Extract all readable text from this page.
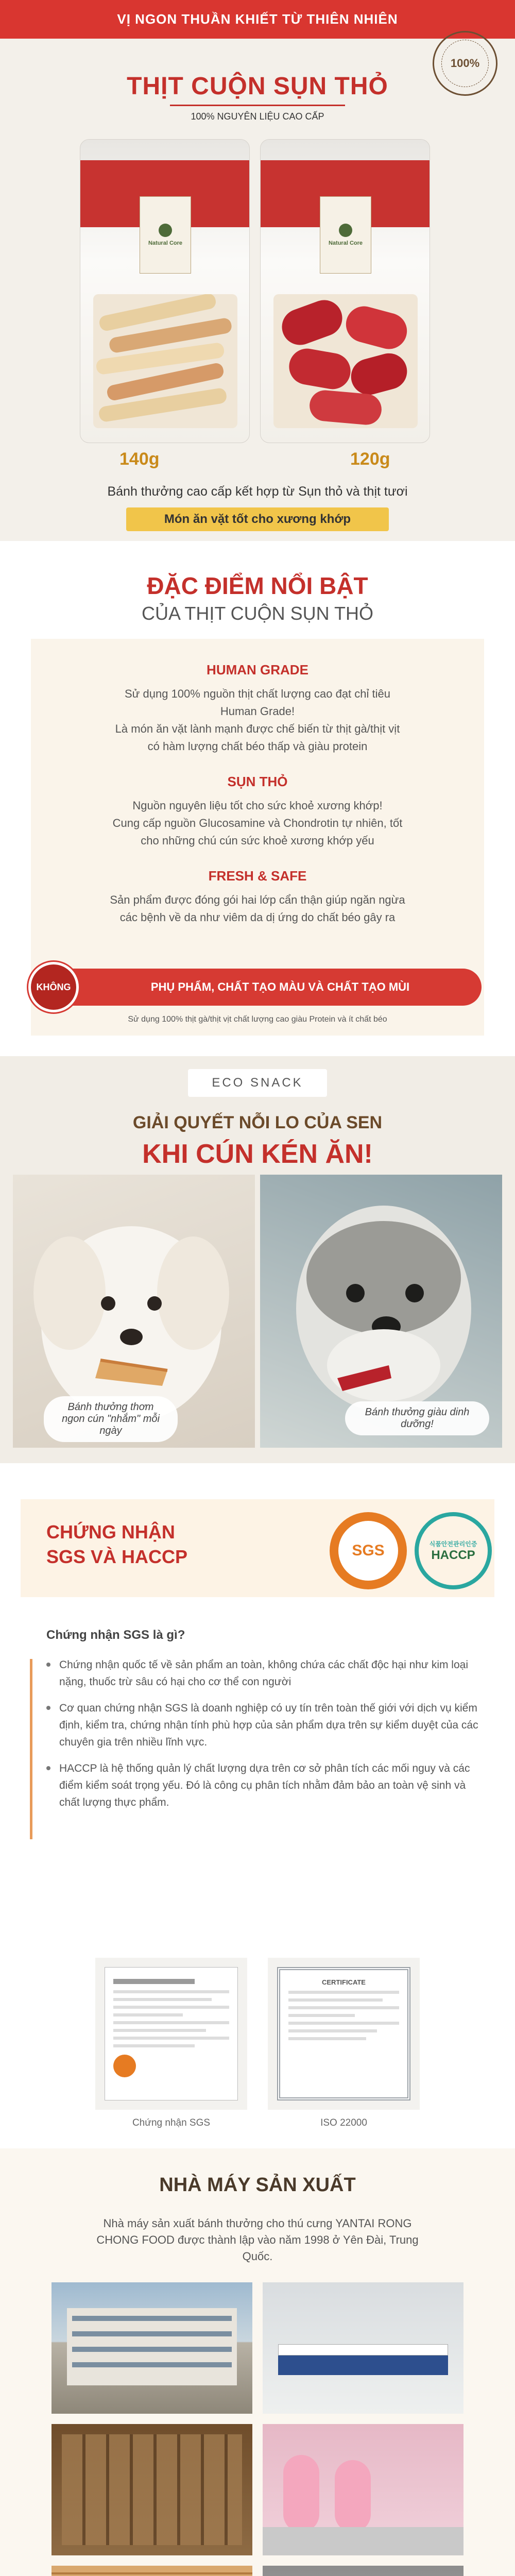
VỊ NGON THUẦN KHIẾT TỪ THIÊN NHIÊN
100%
THỊT CUỘN SỤN THỎ
100% NGUYÊN LIỆU CAO CẤP
Natural Core
140g
Natural Core
120g
Bánh thưởng cao cấp kết hợp từ Sụn thỏ và thịt tươi
Món ăn vặt tốt cho xương khớp
ĐẶC ĐIỂM NỔI BẬT
CỦA THỊT CUỘN SỤN THỎ
HUMAN GRADE
Sử dụng 100% nguồn thịt chất lượng cao đạt chỉ tiêu
Human Grade!
Là món ăn vặt lành mạnh được chế biến từ thịt gà/thịt vịt
có hàm lượng chất béo thấp và giàu protein
SỤN THỎ
Nguồn nguyên liệu tốt cho sức khoẻ xương khớp!
Cung cấp nguồn Glucosamine và Chondrotin tự nhiên, tốt
cho những chú cún sức khoẻ xương khớp yếu
FRESH & SAFE
Sản phẩm được đóng gói hai lớp cẩn thận giúp ngăn ngừa
các bệnh về da như viêm da dị ứng do chất béo gây ra
KHÔNG	PHỤ PHẨM, CHẤT TẠO MÀU VÀ CHẤT TẠO MÙI
Sử dụng 100% thịt gà/thịt vịt chất lượng cao giàu Protein và ít chất béo
ECO SNACK
GIẢI QUYẾT NỖI LO CỦA SEN
KHI CÚN KÉN ĂN!
Bánh thưởng thơm ngon cún "nhắm" mỗi ngày
Bánh thưởng giàu dinh dưỡng!
CHỨNG NHẬN
SGS VÀ HACCP	SGS	식품안전관리인증
HACCP
Chứng nhận SGS là gì?
Chứng nhận quốc tế về sản phẩm an toàn, không chứa các chất độc hại như kim loại nặng, thuốc trừ sâu có hại cho cơ thể con người
Cơ quan chứng nhận SGS là doanh nghiệp có uy tín trên toàn thế giới với dịch vụ kiểm định, kiểm tra, chứng nhận tính phù hợp của sản phẩm dựa trên sự kiểm duyệt của các chuyên gia trên nhiều lĩnh vực.
HACCP là hệ thống quản lý chất lượng dựa trên cơ sở phân tích các mối nguy và các điểm kiểm soát trọng yếu. Đó là công cụ phân tích nhằm đảm bảo an toàn vệ sinh và chất lượng thực phẩm.
Chứng nhận SGS
CERTIFICATE
ISO 22000
NHÀ MÁY SẢN XUẤT
Nhà máy sản xuất bánh thưởng cho thú cưng YANTAI RONG CHONG FOOD được thành lập vào năm 1998 ở Yên Đài, Trung Quốc.
